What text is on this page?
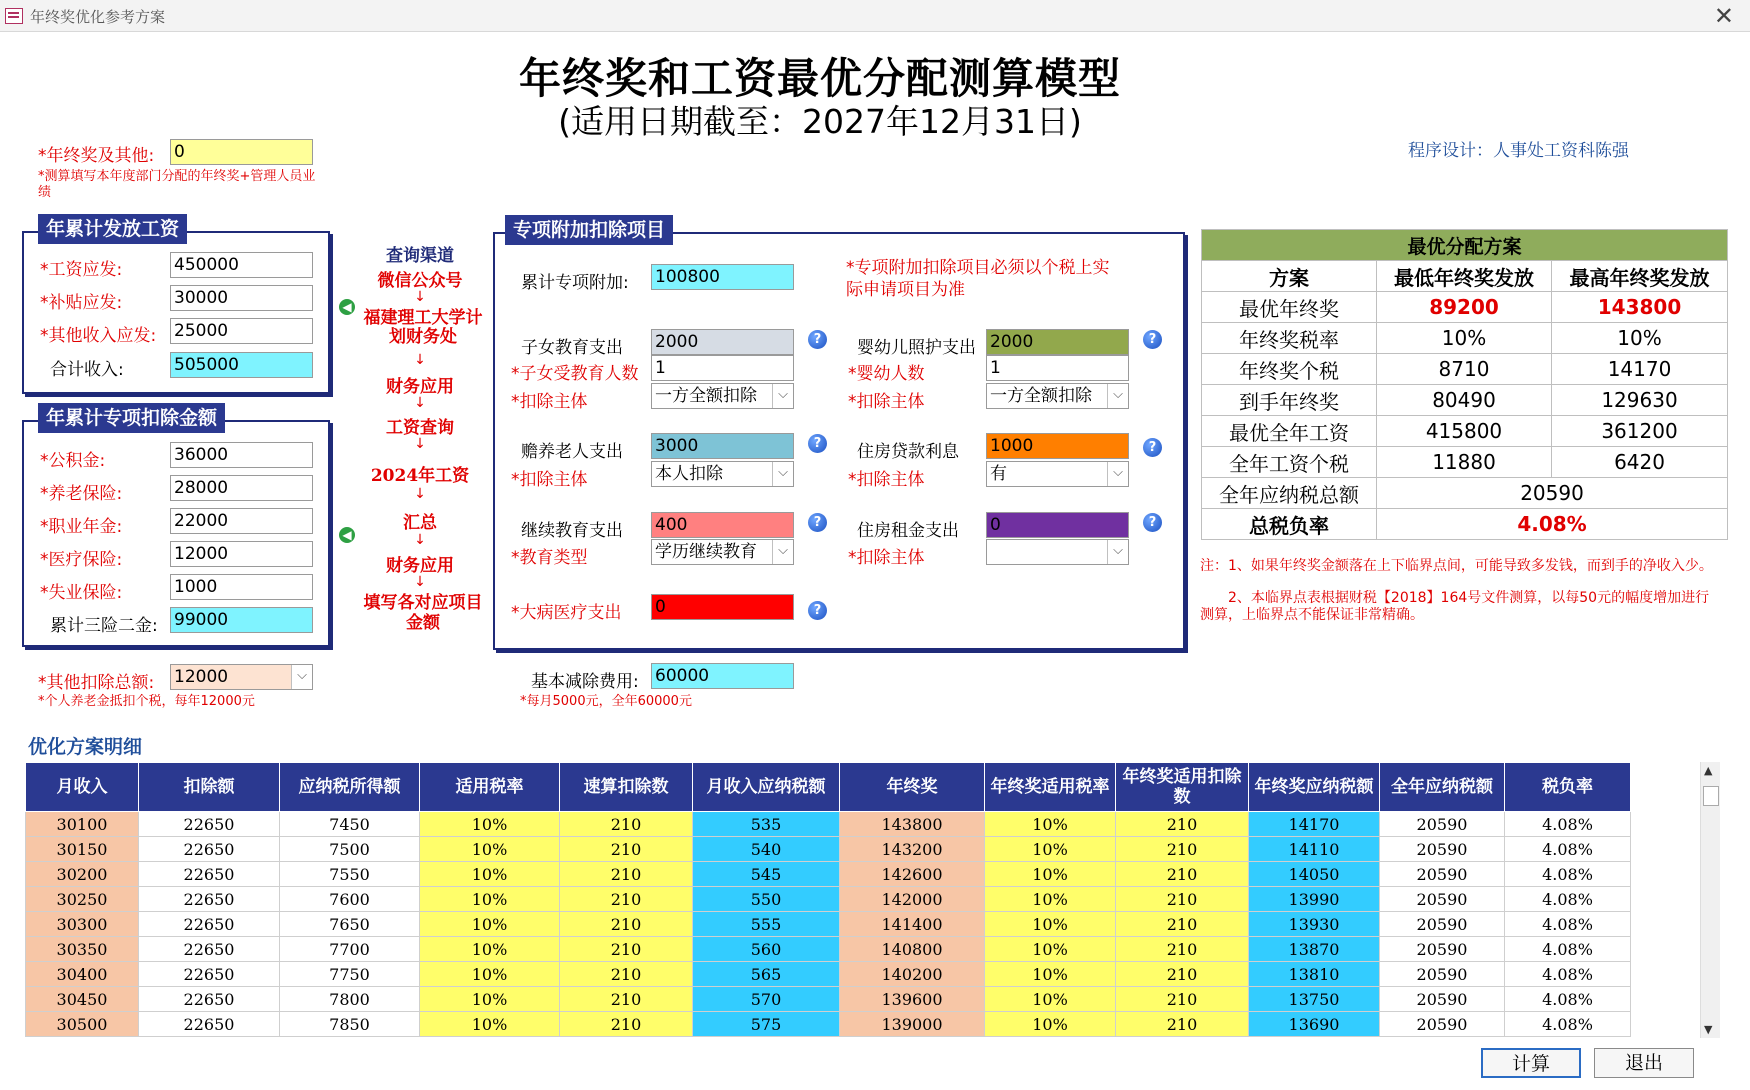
年终奖优化参考方案	✕
年终奖和工资最优分配测算模型
(适用日期截至：2027年12月31日)
程序设计：人事处工资科陈强
*年终奖及其他: 0
*测算填写本年度部门分配的年终奖+管理人员业绩
年累计发放工资
*工资应发:	450000
*补贴应发:	30000
*其他收入应发: 25000
合计收入:	505000
◀
年累计专项扣除金额
*公积金:	36000
*养老保险:	28000
*职业年金:	22000
*医疗保险:	12000
*失业保险:	1000
累计三险二金: 99000
◀
*其他扣除总额: 12000 ⌵
*个人养老金抵扣个税，每年12000元
查询渠道
微信公众号
↓
福建理工大学计划财务处
↓
财务应用
↓
工资查询
↓
2024年工资
↓
汇总
↓
财务应用
↓
填写各对应项目金额
专项附加扣除项目
累计专项附加: 100800	*专项附加扣除项目必须以个税上实际申请项目为准
子女教育支出 2000	?
*子女受教育人数 1
*扣除主体	一方全额扣除 ⌵
婴幼儿照护支出 2000	?
*婴幼人数	1
*扣除主体	一方全额扣除 ⌵
赡养老人支出 3000	?
*扣除主体	本人扣除 ⌵
住房贷款利息 1000	?
*扣除主体	有 ⌵
继续教育支出 400	?
*教育类型	学历继续教育 ⌵
住房租金支出 0	?
*扣除主体
⌵
*大病医疗支出 0	?
基本减除费用: 60000
*每月5000元，全年60000元
最优分配方案		
方案	最低年终奖发放	最高年终奖发放
最优年终奖	89200	143800
年终奖税率	10%	10%
年终奖个税	8710	14170
到手年终奖	80490	129630
最优全年工资	415800	361200
全年工资个税	11880	6420
全年应纳税总额	20590	
总税负率	4.08%	
注：1、如果年终奖金额落在上下临界点间，可能导致多发钱，而到手的净收入少。
　　2、本临界点表根据财税【2018】164号文件测算，以每50元的幅度增加进行测算，上临界点不能保证非常精确。
优化方案明细
月收入	扣除额	应纳税所得额	适用税率	速算扣除数	月收入应纳税额	年终奖	年终奖适用税率	年终奖适用扣除数	年终奖应纳税额	全年应纳税额	税负率
30100	22650	7450	10%	210	535	143800	10%	210	14170	20590	4.08%
30150	22650	7500	10%	210	540	143200	10%	210	14110	20590	4.08%
30200	22650	7550	10%	210	545	142600	10%	210	14050	20590	4.08%
30250	22650	7600	10%	210	550	142000	10%	210	13990	20590	4.08%
30300	22650	7650	10%	210	555	141400	10%	210	13930	20590	4.08%
30350	22650	7700	10%	210	560	140800	10%	210	13870	20590	4.08%
30400	22650	7750	10%	210	565	140200	10%	210	13810	20590	4.08%
30450	22650	7800	10%	210	570	139600	10%	210	13750	20590	4.08%
30500	22650	7850	10%	210	575	139000	10%	210	13690	20590	4.08%
▲
▼
计算	退出
